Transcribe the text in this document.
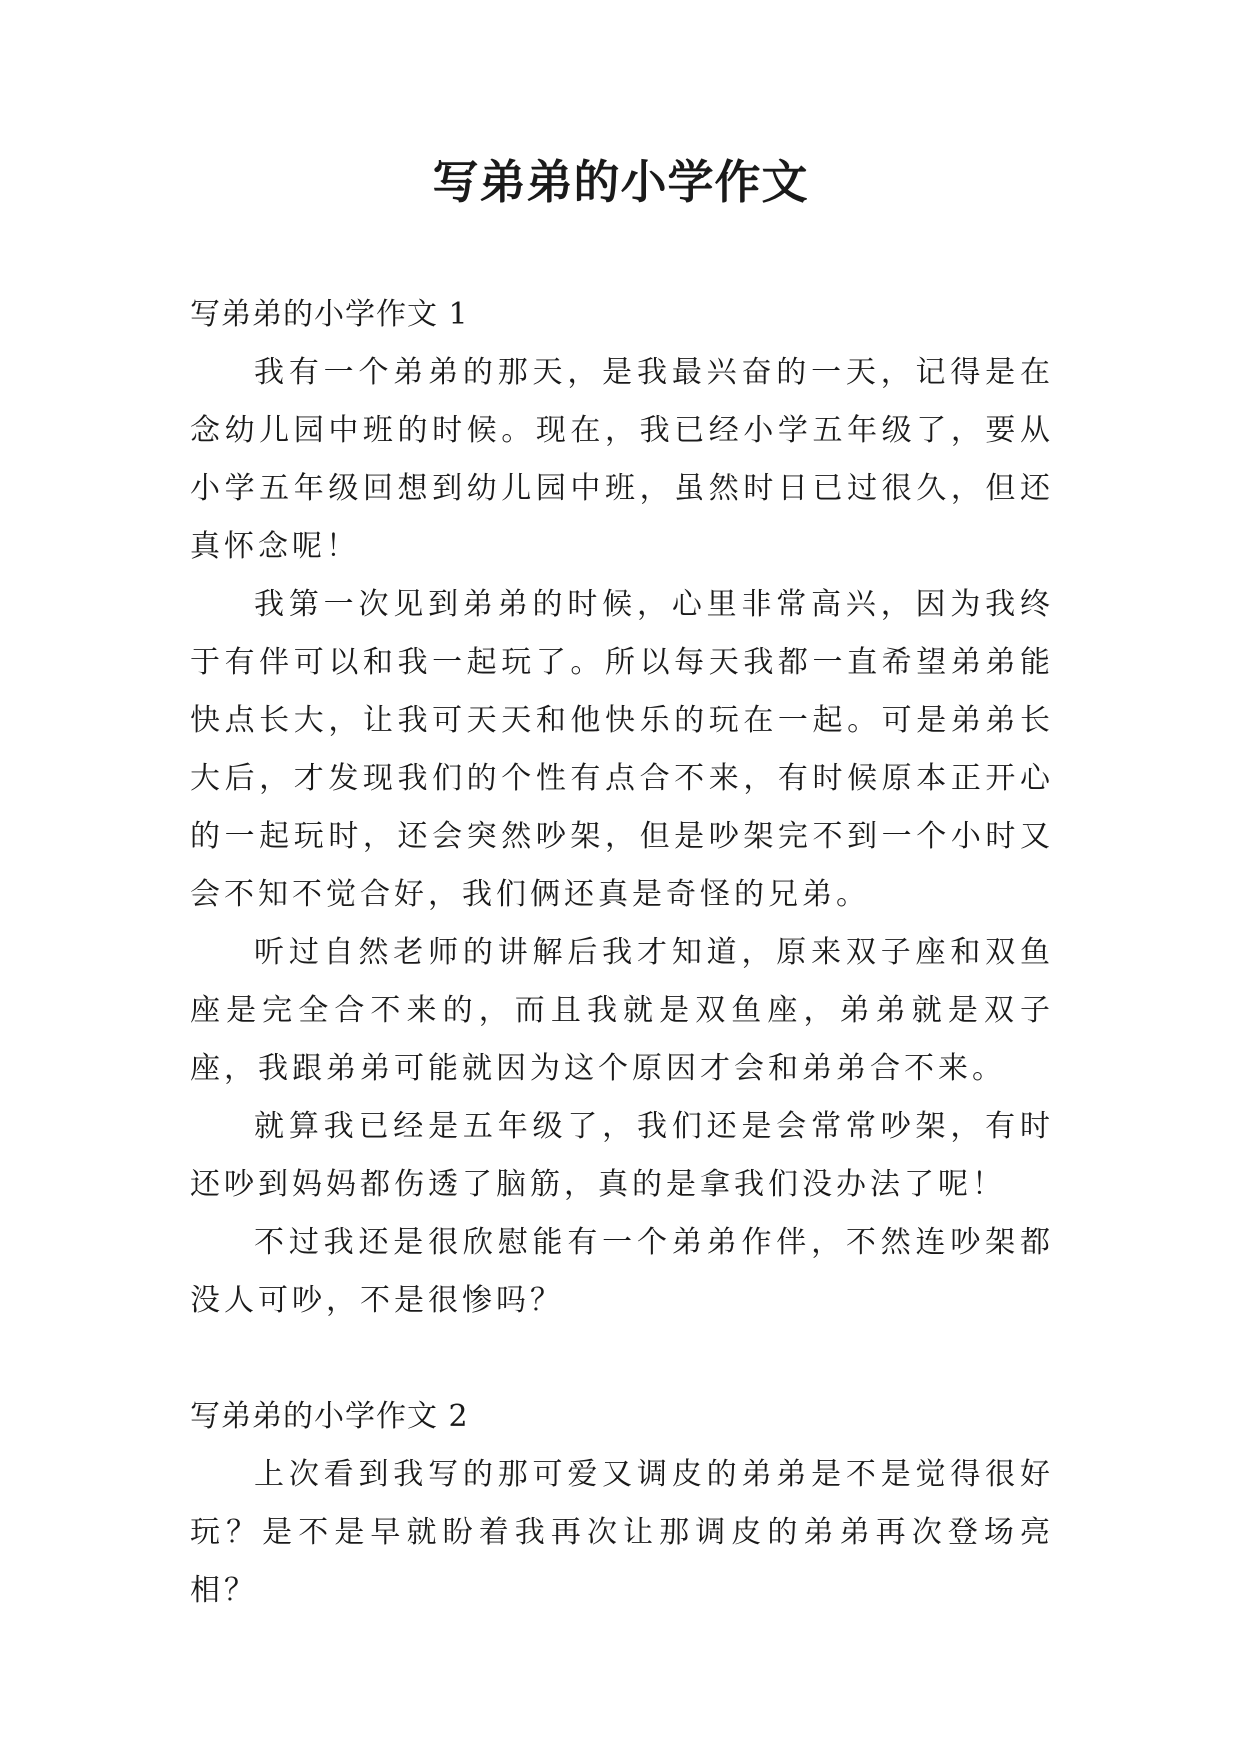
写弟弟的小学作文

写弟弟的小学作文 1

我有一个弟弟的那天，是我最兴奋的一天，记得是在念幼儿园中班的时候。现在，我已经小学五年级了，要从小学五年级回想到幼儿园中班，虽然时日已过很久，但还真怀念呢！

我第一次见到弟弟的时候，心里非常高兴，因为我终于有伴可以和我一起玩了。所以每天我都一直希望弟弟能快点长大，让我可天天和他快乐的玩在一起。可是弟弟长大后，才发现我们的个性有点合不来，有时候原本正开心的一起玩时，还会突然吵架，但是吵架完不到一个小时又会不知不觉合好，我们俩还真是奇怪的兄弟。

听过自然老师的讲解后我才知道，原来双子座和双鱼座是完全合不来的，而且我就是双鱼座，弟弟就是双子座，我跟弟弟可能就因为这个原因才会和弟弟合不来。

就算我已经是五年级了，我们还是会常常吵架，有时还吵到妈妈都伤透了脑筋，真的是拿我们没办法了呢！

不过我还是很欣慰能有一个弟弟作伴，不然连吵架都没人可吵，不是很惨吗？

写弟弟的小学作文 2

上次看到我写的那可爱又调皮的弟弟是不是觉得很好玩？是不是早就盼着我再次让那调皮的弟弟再次登场亮相？
